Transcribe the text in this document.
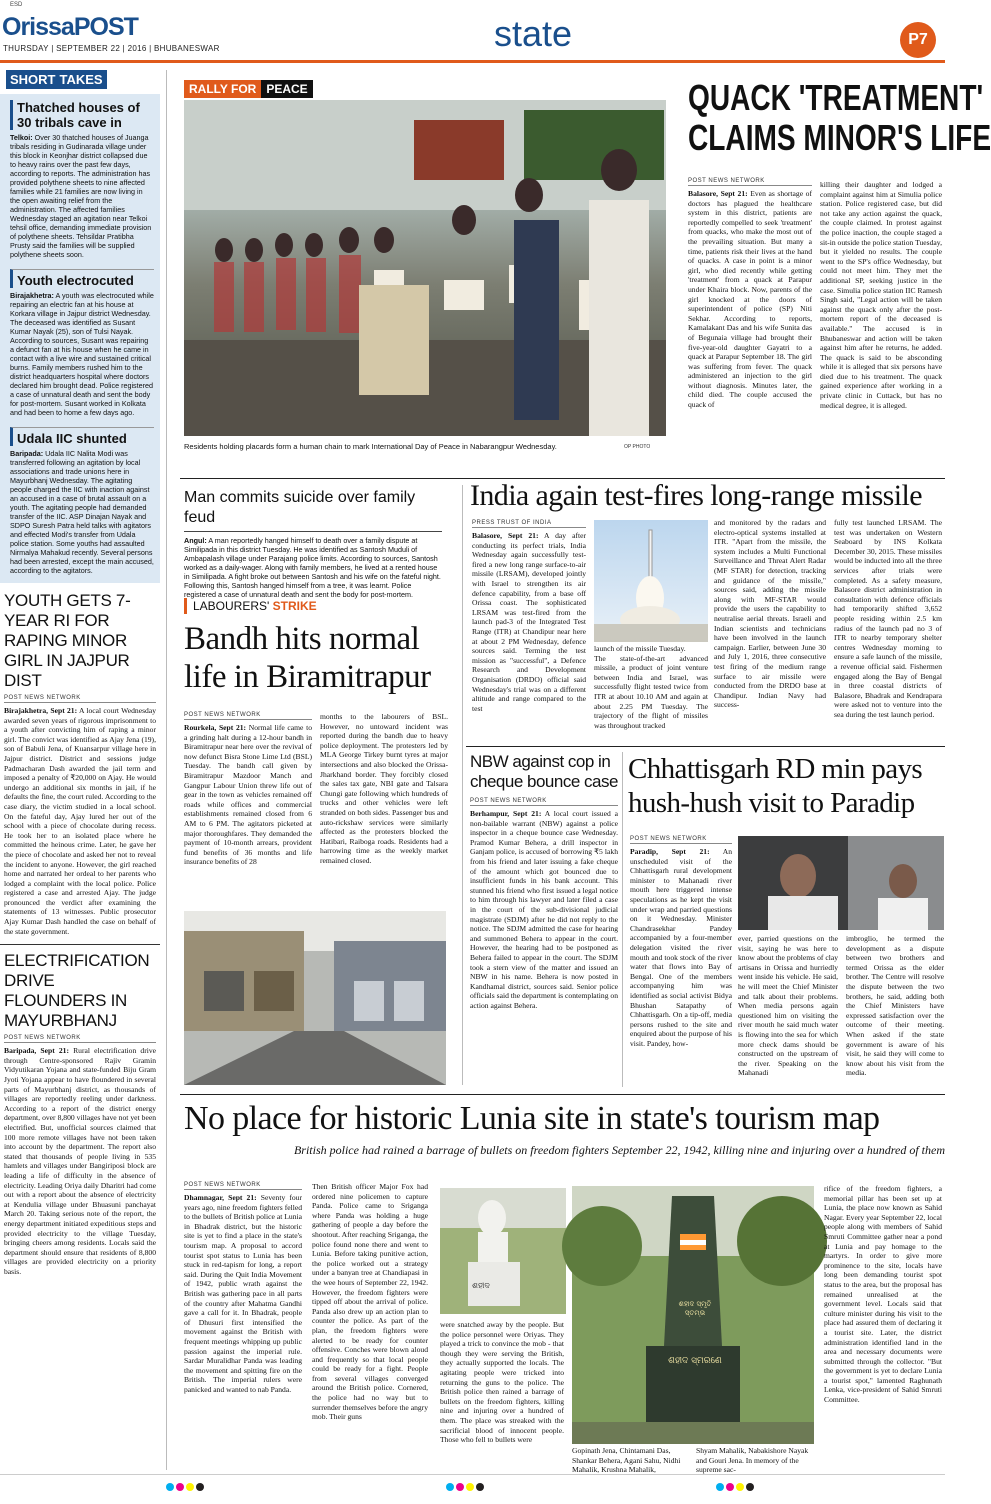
ESD
OrissaPOST
THURSDAY | SEPTEMBER 22 | 2016 | BHUBANESWAR	state	P7
SHORT TAKES
Thatched houses of 30 tribals cave in
Telkoi: Over 30 thatched houses of Juanga tribals residing in Gudinarada village under this block in Keonjhar district collapsed due to heavy rains over the past few days, according to reports. The administration has provided polythene sheets to nine affected families while 21 families are now living in the open awaiting relief from the administration. The affected families Wednesday staged an agitation near Telkoi tehsil office, demanding immediate provision of polythene sheets. Tehsildar Pratibha Prusty said the families will be supplied polythene sheets soon.
Youth electrocuted
Birajakhetra: A youth was electrocuted while repairing an electric fan at his house at Korkara village in Jajpur district Wednesday. The deceased was identified as Susant Kumar Nayak (25), son of Tulsi Nayak. According to sources, Susant was repairing a defunct fan at his house when he came in contact with a live wire and sustained critical burns. Family members rushed him to the district headquarters hospital where doctors declared him brought dead. Police registered a case of unnatural death and sent the body for post-mortem. Susant worked in Kolkata and had been to home a few days ago.
Udala IIC shunted
Baripada: Udala IIC Nalita Modi was transferred following an agitation by local associations and trade unions here in Mayurbhanj Wednesday. The agitating people charged the IIC with inaction against an accused in a case of brutal assault on a youth. The agitating people had demanded transfer of the IIC. ASP Dinajan Nayak and SDPO Suresh Patra held talks with agitators and effected Modi's transfer from Udala police station. Some youths had assaulted Nirmalya Mahakud recently. Several persons had been arrested, except the main accused, according to the agitators.
YOUTH GETS 7-YEAR RI FOR RAPING MINOR GIRL IN JAJPUR DIST
POST NEWS NETWORK

Birajakhetra, Sept 21: A local court Wednesday awarded seven years of rigorous imprisonment to a youth after convicting him of raping a minor girl. The convict was identified as Ajay Jena (19), son of Babuli Jena, of Kuansarpur village here in Jajpur district. District and sessions judge Padmacharan Dash awarded the jail term and imposed a penalty of ₹20,000 on Ajay. He would undergo an additional six months in jail, if he defaults the fine, the court ruled. According to the case diary, the victim studied in a local school. On the fateful day, Ajay lured her out of the school with a piece of chocolate during recess. He took her to an isolated place where he committed the heinous crime. Later, he gave her the piece of chocolate and asked her not to reveal the incident to anyone. However, the girl reached home and narrated her ordeal to her parents who lodged a complaint with the local police. Police registered a case and arrested Ajay. The judge pronounced the verdict after examining the statements of 13 witnesses. Public prosecutor Ajay Kumar Dash handled the case on behalf of the state government.

ELECTRIFICATION DRIVE FLOUNDERS IN MAYURBHANJ
POST NEWS NETWORK

Baripada, Sept 21: Rural electrification drive through Centre-sponsored Rajiv Gramin Vidyutikaran Yojana and state-funded Biju Gram Jyoti Yojana appear to have floundered in several parts of Mayurbhanj district, as thousands of villages are reportedly reeling under darkness. According to a report of the district energy department, over 8,800 villages have not yet been electrified. But, unofficial sources claimed that 100 more remote villages have not been taken into account by the department. The report also stated that thousands of people living in 535 hamlets and villages under Bangiriposi block are leading a life of difficulty in the absence of electricity. Leading Oriya daily Dharitri had come out with a report about the absence of electricity at Kendulia village under Bhuasuni panchayat March 20. Taking serious note of the report, the energy department initiated expeditious steps and provided electricity to the village Tuesday, bringing cheers among residents. Locals said the department should ensure that residents of 8,800 villages are provided electricity on a priority basis.

RALLY FOR PEACE
Residents holding placards form a human chain to mark International Day of Peace in Nabarangpur Wednesday.	OP PHOTO
QUACK 'TREATMENT'
CLAIMS MINOR'S LIFE
POST NEWS NETWORK

Balasore, Sept 21: Even as shortage of doctors has plagued the healthcare system in this district, patients are reportedly compelled to seek 'treatment' from quacks, who make the most out of the prevailing situation. But many a time, patients risk their lives at the hand of quacks. A case in point is a minor girl, who died recently while getting 'treatment' from a quack at Parapur under Khaira block. Now, parents of the girl knocked at the doors of superintendent of police (SP) Niti Sekhar. According to reports, Kamalakant Das and his wife Sunita das of Begunaia village had brought their five-year-old daughter Gayatri to a quack at Parapur September 18. The girl was suffering from fever. The quack administered an injection to the girl without diagnosis. Minutes later, the child died. The couple accused the quack of

killing their daughter and lodged a complaint against him at Simulia police station. Police registered case, but did not take any action against the quack, the couple claimed. In protest against the police inaction, the couple staged a sit-in outside the police station Tuesday, but it yielded no results. The couple went to the SP's office Wednesday, but could not meet him. They met the additional SP, seeking justice in the case. Simulia police station IIC Ramesh Singh said, "Legal action will be taken against the quack only after the post-mortem report of the deceased is available." The accused is in Bhubaneswar and action will be taken against him after he returns, he added. The quack is said to be absconding while it is alleged that six persons have died due to his treatment. The quack gained experience after working in a private clinic in Cuttack, but has no medical degree, it is alleged.

Man commits suicide over family feud
Angul: A man reportedly hanged himself to death over a family dispute at Similipada in this district Tuesday. He was identified as Santosh Muduli of Ambapalash village under Parajang police limits. According to sources, Santosh worked as a daily-wager. Along with family members, he lived at a rented house in Similipada. A fight broke out between Santosh and his wife on the fateful night. Following this, Santosh hanged himself from a tree, it was learnt. Police registered a case of unnatural death and sent the body for post-mortem.
LABOURERS' STRIKE
Bandh hits normal life in Biramitrapur
POST NEWS NETWORK

Rourkela, Sept 21: Normal life came to a grinding halt during a 12-hour bandh in Biramitrapur near here over the revival of now defunct Bisra Stone Lime Ltd (BSL) Tuesday. The bandh call given by Biramitrapur Mazdoor Manch and Gangpur Labour Union threw life out of gear in the town as vehicles remained off roads while offices and commercial establishments remained closed from 6 AM to 6 PM. The agitators picketed at major thoroughfares. They demanded the payment of 10-month arrears, provident fund benefits of 36 months and life insurance benefits of 28

months to the labourers of BSL. However, no untoward incident was reported during the bandh due to heavy police deployment. The protesters led by MLA George Tirkey burnt tyres at major intersections and also blocked the Orissa-Jharkhand border. They forcibly closed the sales tax gate, NBI gate and Talsara Chungi gate following which hundreds of trucks and other vehicles were left stranded on both sides. Passenger bus and auto-rickshaw services were similarly affected as the protesters blocked the Hatibari, Raiboga roads. Residents had a harrowing time as the weekly market remained closed.

India again test-fires long-range missile
PRESS TRUST OF INDIA

Balasore, Sept 21: A day after conducting its perfect trials, India Wednesday again successfully test-fired a new long range surface-to-air missile (LRSAM), developed jointly with Israel to strengthen its air defence capability, from a base off Orissa coast. The sophisticated LRSAM was test-fired from the launch pad-3 of the Integrated Test Range (ITR) at Chandipur near here at about 2 PM Wednesday, defence sources said. Terming the test mission as "successful", a Defence Research and Development Organisation (DRDO) official said Wednesday's trial was on a different altitude and range compared to the test

launch of the missile Tuesday.

The state-of-the-art advanced missile, a product of joint venture between India and Israel, was successfully flight tested twice from ITR at about 10.10 AM and again at about 2.25 PM Tuesday. The trajectory of the flight of missiles was throughout tracked

and monitored by the radars and electro-optical systems installed at ITR. "Apart from the missile, the system includes a Multi Functional Surveillance and Threat Alert Radar (MF STAR) for detection, tracking and guidance of the missile," sources said, adding the missile along with MF-STAR would provide the users the capability to neutralise aerial threats. Israeli and Indian scientists and technicians have been involved in the launch campaign. Earlier, between June 30 and July 1, 2016, three consecutive test firing of the medium range surface to air missile were conducted from the DRDO base at Chandipur. Indian Navy had success-

fully test launched LRSAM. The test was undertaken on Western Seaboard by INS Kolkata December 30, 2015. These missiles would be inducted into all the three services after trials were completed. As a safety measure, Balasore district administration in consultation with defence officials had temporarily shifted 3,652 people residing within 2.5 km radius of the launch pad no 3 of ITR to nearby temporary shelter centres Wednesday morning to ensure a safe launch of the missile, a revenue official said. Fishermen engaged along the Bay of Bengal in three coastal districts of Balasore, Bhadrak and Kendrapara were asked not to venture into the sea during the test launch period.

NBW against cop in cheque bounce case
POST NEWS NETWORK

Berhampur, Sept 21: A local court issued a non-bailable warrant (NBW) against a police inspector in a cheque bounce case Wednesday. Pramod Kumar Behera, a drill inspector in Ganjam police, is accused of borrowing ₹5 lakh from his friend and later issuing a fake cheque of the amount which got bounced due to insufficient funds in his bank account. This stunned his friend who first issued a legal notice to him through his lawyer and later filed a case in the court of the sub-divisional judicial magistrate (SDJM) after he did not reply to the notice. The SDJM admitted the case for hearing and summoned Behera to appear in the court. However, the hearing had to be postponed as Behera failed to appear in the court. The SDJM took a stern view of the matter and issued an NBW in his name. Behera is now posted in Kandhamal district, sources said. Senior police officials said the department is contemplating on action against Behera.

Chhattisgarh RD min pays hush-hush visit to Paradip
POST NEWS NETWORK

Paradip, Sept 21: An unscheduled visit of the Chhattisgarh rural development minister to Mahanadi river mouth here triggered intense speculations as he kept the visit under wrap and parried questions on it Wednesday. Minister Chandrasekhar Pandey accompanied by a four-member delegation visited the river mouth and took stock of the river water that flows into Bay of Bengal. One of the members accompanying him was identified as social activist Bidya Bhushan Satapathy of Chhattisgarh. On a tip-off, media persons rushed to the site and enquired about the purpose of his visit. Pandey, how-

ever, parried questions on the visit, saying he was here to know about the problems of clay artisans in Orissa and hurriedly went inside his vehicle. He said, he will meet the Chief Minister and talk about their problems. When media persons again questioned him on visiting the river mouth he said much water is flowing into the sea for which more check dams should be constructed on the upstream of the river. Speaking on the Mahanadi

imbroglio, he termed the development as a dispute between two brothers and termed Orissa as the elder brother. The Centre will resolve the dispute between the two brothers, he said, adding both the Chief Ministers have expressed satisfaction over the outcome of their meeting. When asked if the state government is aware of his visit, he said they will come to know about his visit from the media.

No place for historic Lunia site in state's tourism map
British police had rained a barrage of bullets on freedom fighters September 22, 1942, killing nine and injuring over a hundred of them
POST NEWS NETWORK

Dhamnagar, Sept 21: Seventy four years ago, nine freedom fighters felled to the bullets of British police at Lunia in Bhadrak district, but the historic site is yet to find a place in the state's tourism map. A proposal to accord tourist spot status to Lunia has been stuck in red-tapism for long, a report said. During the Quit India Movement of 1942, public wrath against the British was gathering pace in all parts of the country after Mahatma Gandhi gave a call for it. In Bhadrak, people of Dhusuri first intensified the movement against the British with frequent meetings whipping up public passion against the imperial rule. Sardar Muralidhar Panda was leading the movement and spitting fire on the British. The imperial rulers were panicked and wanted to nab Panda.

Then British officer Major Fox had ordered nine policemen to capture Panda. Police came to Sriganga where Panda was holding a huge gathering of people a day before the shootout. After reaching Sriganga, the police found none there and went to Lunia. Before taking punitive action, the police worked out a strategy under a banyan tree at Chandiapasi in the wee hours of September 22, 1942. However, the freedom fighters were tipped off about the arrival of police. Panda also drew up an action plan to counter the police. As part of the plan, the freedom fighters were alerted to be ready for counter offensive. Conches were blown aloud and frequently so that local people could be ready for a fight. People from several villages converged around the British police. Cornered, the police had no way but to surrender themselves before the angry mob. Their guns

ଶହୀଦ

were snatched away by the people. But the police personnel were Oriyas. They played a trick to convince the mob - that though they were serving the British, they actually supported the locals. The agitating people were tricked into returning the guns to the police. The British police then rained a barrage of bullets on the freedom fighters, killing nine and injuring over a hundred of them. The place was streaked with the sacrificial blood of innocent people. Those who fell to bullets were

ଶହୀଦ ସ୍ମୃତି ସ୍ତମ୍ଭ
ଶହୀଦ ସ୍ମରଣେ

Gopinath Jena, Chintamani Das, Shankar Behera, Agani Sahu, Nidhi Mahalik, Krushna Mahalik,

Shyam Mahalik, Nabakishore Nayak and Gouri Jena. In memory of the supreme sac-

rifice of the freedom fighters, a memorial pillar has been set up at Lunia, the place now known as Sahid Nagar. Every year September 22, local people along with members of Sahid Smruti Committee gather near a pond at Lunia and pay homage to the martyrs. In order to give more prominence to the site, locals have long been demanding tourist spot status to the area, but the proposal has remained unrealised at the government level. Locals said that culture minister during his visit to the place had assured them of declaring it a tourist site. Later, the district administration identified land in the area and necessary documents were submitted through the collector. "But the government is yet to declare Lunia a tourist spot," lamented Raghunath Lenka, vice-president of Sahid Smruti Committee.
